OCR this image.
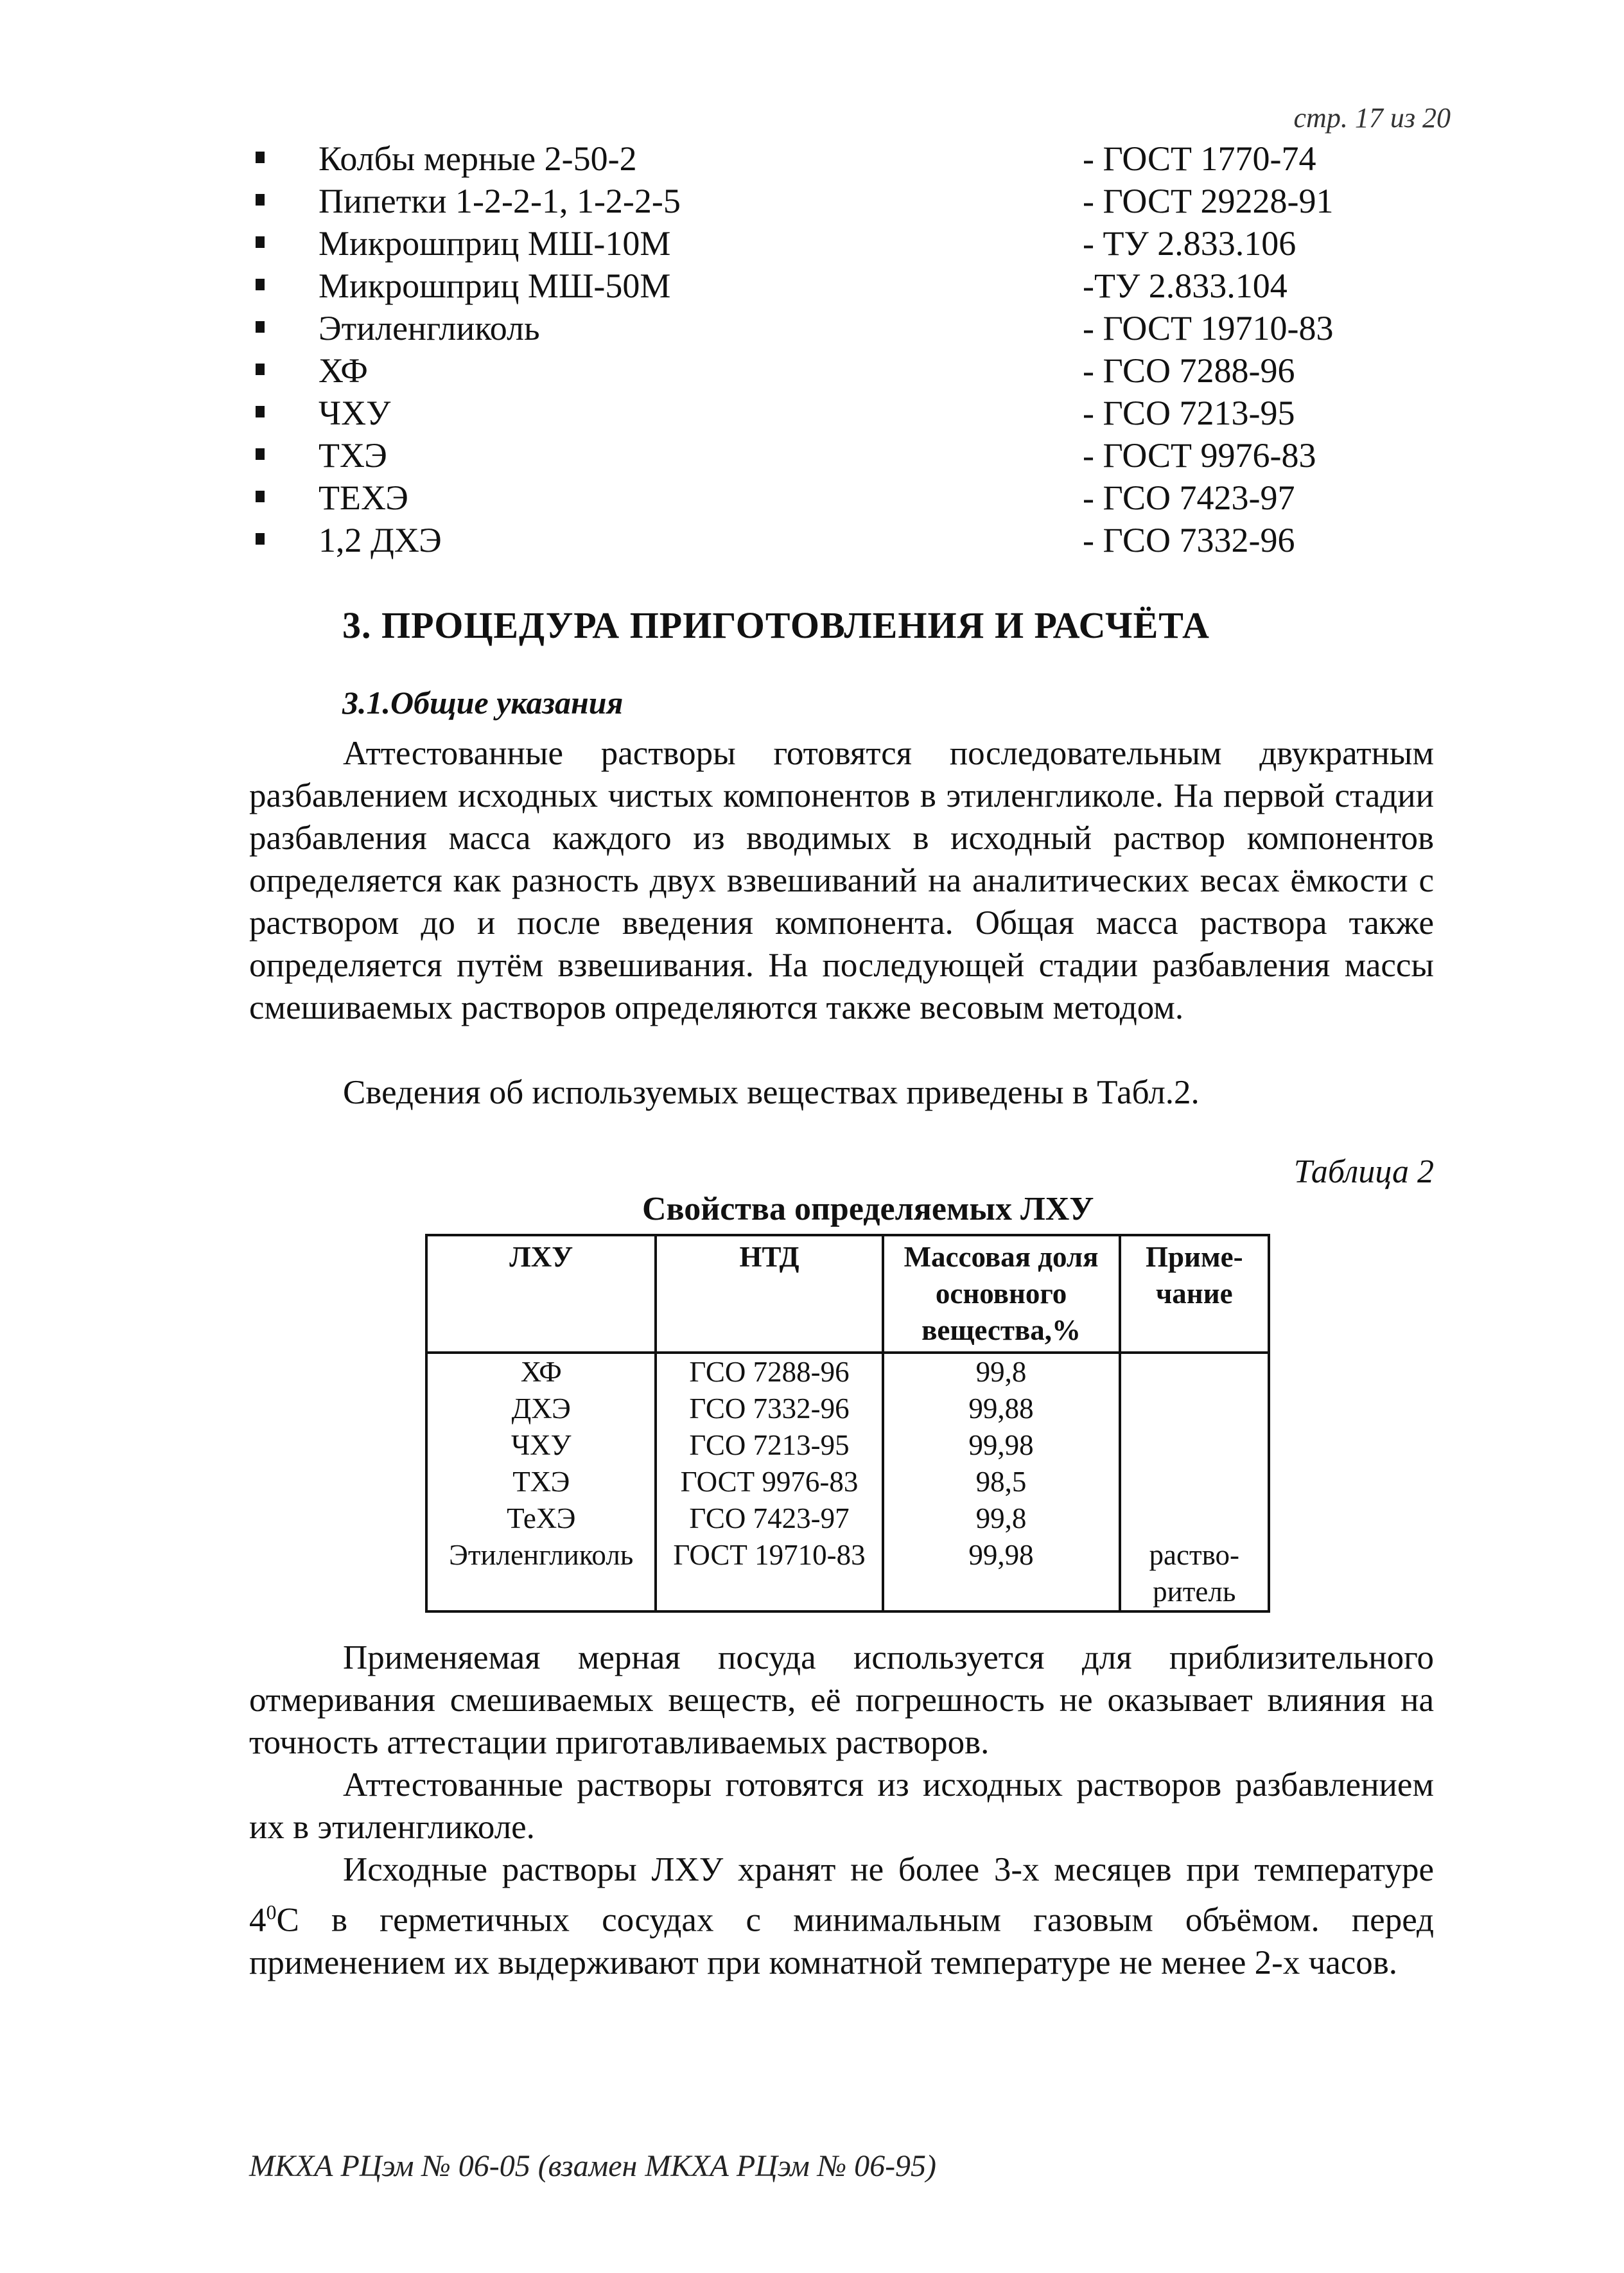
стр. 17 из 20
Колбы мерные 2-50-2	- ГОСТ 1770-74
Пипетки 1-2-2-1, 1-2-2-5	- ГОСТ 29228-91
Микрошприц МШ-10М	- ТУ 2.833.106
Микрошприц МШ-50М	-ТУ 2.833.104
Этиленгликоль	- ГОСТ 19710-83
ХФ	- ГСО 7288-96
ЧХУ	- ГСО 7213-95
ТХЭ	- ГОСТ 9976-83
ТЕХЭ	- ГСО 7423-97
1,2 ДХЭ	- ГСО 7332-96
3. ПРОЦЕДУРА ПРИГОТОВЛЕНИЯ И РАСЧЁТА
3.1.Общие указания

Аттестованные растворы готовятся последовательным двукратным разбавлением исходных чистых компонентов в этиленгликоле. На первой стадии разбавления масса каждого из вводимых в исходный раствор компонентов определяется как разность двух взвешиваний на аналитических весах ёмкости с раствором до и после введения компонента. Общая масса раствора также определяется путём взвешивания. На последующей стадии разбавления массы смешиваемых растворов определяются также весовым методом.

Сведения об используемых веществах приведены в Табл.2.

Таблица 2
Свойства определяемых ЛХУ
ЛХУ	НТД	Массовая доля основного вещества,%	Приме-чание
ХФ	ГСО 7288-96	99,8	
ДХЭ	ГСО 7332-96	99,88	
ЧХУ	ГСО 7213-95	99,98	
ТХЭ	ГОСТ 9976-83	98,5	
ТеХЭ	ГСО 7423-97	99,8	
Этиленгликоль	ГОСТ 19710-83	99,98	раство-ритель

Применяемая мерная посуда используется для приблизительного отмеривания смешиваемых веществ, её погрешность не оказывает влияния на точность аттестации приготавливаемых растворов.

Аттестованные растворы готовятся из исходных растворов разбавлением их в этиленгликоле.

Исходные растворы ЛХУ хранят не более 3-х месяцев при температуре $4^0С$ в герметичных сосудах с минимальным газовым объёмом. перед применением их выдерживают при комнатной температуре не менее 2-х часов.

МКХА РЦэм № 06-05 (взамен МКХА РЦэм № 06-95)
